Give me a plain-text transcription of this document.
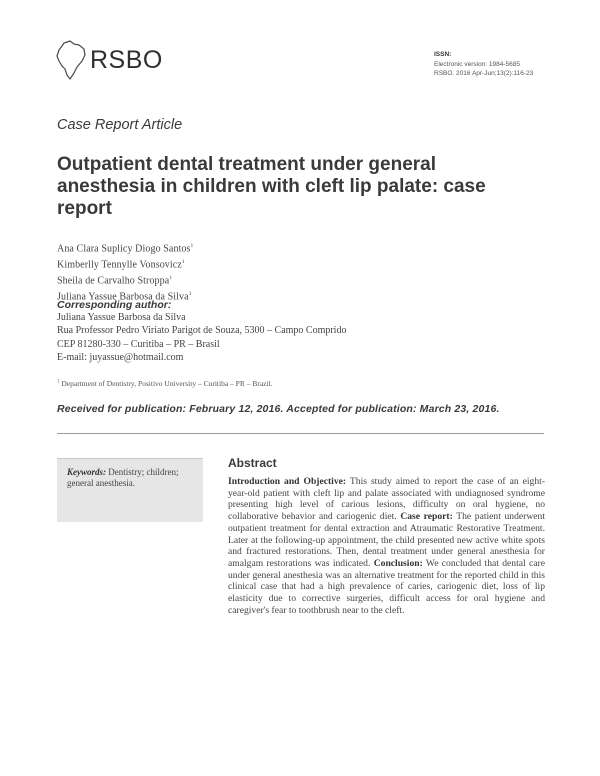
RSBO	ISSN:
Electronic version: 1984-5685
RSBO. 2016 Apr-Jun;13(2):116-23
Case Report Article
Outpatient dental treatment under general anesthesia in children with cleft lip palate: case report
Ana Clara Suplicy Diogo Santos$^1$
Kimberlly Tennylle Vonsovicz$^1$
Sheila de Carvalho Stroppa$^1$
Juliana Yassue Barbosa da Silva$^1$
Corresponding author:
Juliana Yassue Barbosa da Silva
Rua Professor Pedro Viriato Parigot de Souza, 5300 – Campo Comprido
CEP 81280-330 – Curitiba – PR – Brasil
E-mail: juyassue@hotmail.com
$^1$ Department of Dentistry, Positivo University – Curitiba – PR – Brazil.
Received for publication: February 12, 2016. Accepted for publication: March 23, 2016.
Keywords: Dentistry; children; general anesthesia.
Abstract

Introduction and Objective: This study aimed to report the case of an eight-year-old patient with cleft lip and palate associated with undiagnosed syndrome presenting high level of carious lesions, difficulty on oral hygiene, no collaborative behavior and cariogenic diet. Case report: The patient underwent outpatient treatment for dental extraction and Atraumatic Restorative Treatment. Later at the following-up appointment, the child presented new active white spots and fractured restorations. Then, dental treatment under general anesthesia for amalgam restorations was indicated. Conclusion: We concluded that dental care under general anesthesia was an alternative treatment for the reported child in this clinical case that had a high prevalence of caries, cariogenic diet, loss of lip elasticity due to corrective surgeries, difficult access for oral hygiene and caregiver's fear to toothbrush near to the cleft.
